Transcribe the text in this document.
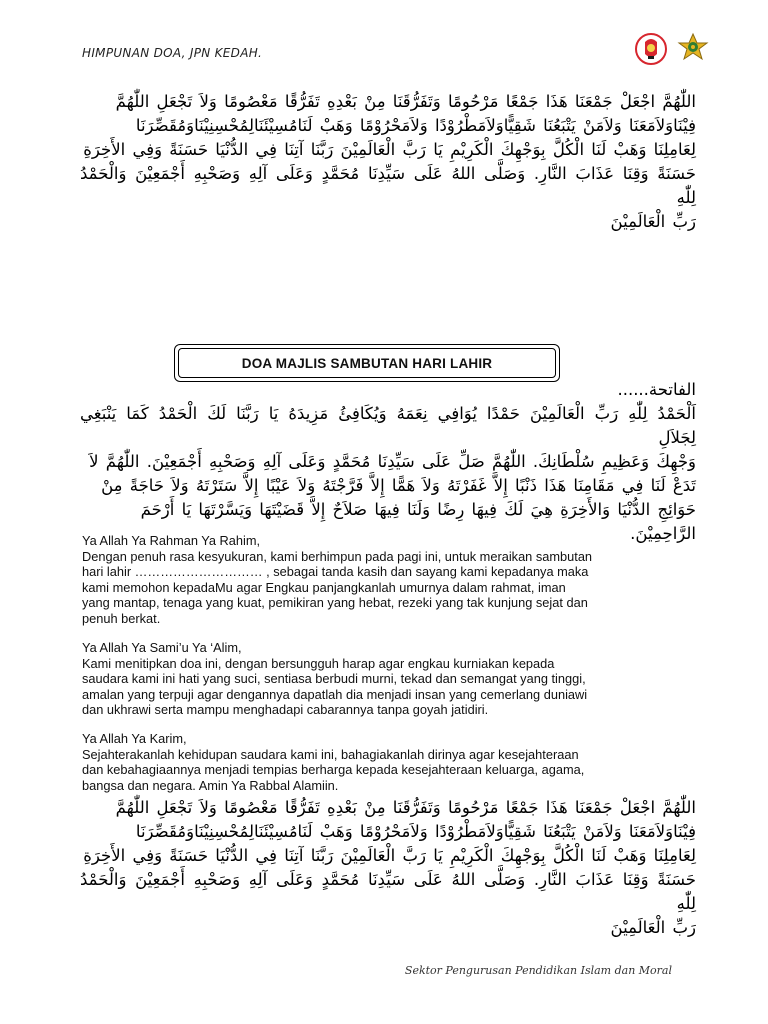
HIMPUNAN DOA, JPN KEDAH.
اللّٰهُمَّ اجْعَلْ جَمْعَنَا هَذَا جَمْعًا مَرْحُومًا وَتَفَرُّقَنَا مِنْ بَعْدِهِ تَفَرُّقًا مَعْصُومًا وَلاَ تَجْعَلِ اللّٰهُمَّ
فِيْنَاوَلاَمَعَنَا وَلاَمَنْ يَتْبَعُنَا شَقِيًّاوَلاَمَطْرُوْدًا وَلاَمَحْرُوْمًا وَهَبْ لَنَامُسِيْئَنَالِمُحْسِنِيْنَاوَمُقَصِّرَنَا
لِعَامِلِنَا وَهَبْ لَنَا الْكُلَّ بِوَجْهِكَ الْكَرِيْمِ يَا رَبَّ الْعَالَمِيْنَ رَبَّنَا آتِنَا فِي الدُّنْيَا حَسَنَةً وَفِي الأَخِرَةِ
حَسَنَةً وَقِنَا عَذَابَ النَّارِ. وَصَلَّى اللهُ عَلَى سَيِّدِنَا مُحَمَّدٍ وَعَلَى آلِهِ وَصَحْبِهِ أَجْمَعِيْنَ وَالْحَمْدُ لِلّٰهِ
رَبِّ الْعَالَمِيْنَ
DOA MAJLIS SAMBUTAN HARI LAHIR
الفاتحة......
اَلْحَمْدُ لِلّٰهِ رَبِّ الْعَالَمِيْنَ حَمْدًا يُوَافِي نِعَمَهُ وَيُكَافِئُ مَزِيدَهُ يَا رَبَّنَا لَكَ الْحَمْدُ كَمَا يَنْبَغِي لِجَلاَلِ
وَجْهِكَ وَعَظِيمِ سُلْطَانِكَ. اللّٰهُمَّ صَلِّ عَلَى سَيِّدِنَا مُحَمَّدٍ وَعَلَى آلِهِ وَصَحْبِهِ أَجْمَعِيْنَ. اللّٰهُمَّ لاَ
تَدَعْ لَنَا فِي مَقَامِنَا هَذَا ذَنْبًا إِلاَّ غَفَرْتَهُ وَلاَ هَمًّا إِلاَّ فَرَّجْتَهُ وَلاَ عَيْبًا إِلاَّ سَتَرْتَهُ وَلاَ حَاجَةً مِنْ
حَوَائِجِ الدُّنْيَا وَالأَخِرَةِ هِيَ لَكَ فِيهَا رِضًا وَلَنَا فِيهَا صَلاَحٌ إِلاَّ قَضَيْتَهَا وَيَسَّرْتَهَا يَا أَرْحَمَ
الرَّاحِمِيْنَ.

Ya Allah Ya Rahman Ya Rahim,

Dengan penuh rasa kesyukuran, kami berhimpun pada pagi ini, untuk meraikan sambutan

hari lahir ………………………… , sebagai tanda kasih dan sayang kami kepadanya maka

kami memohon kepadaMu agar Engkau panjangkanlah umurnya dalam rahmat, iman

yang mantap, tenaga yang kuat, pemikiran yang hebat, rezeki yang tak kunjung sejat dan

penuh berkat.

Ya Allah Ya Sami’u Ya ‘Alim,

Kami menitipkan doa ini, dengan bersungguh harap agar engkau kurniakan kepada

saudara kami ini hati yang suci, sentiasa berbudi murni, tekad dan semangat yang tinggi,

amalan yang terpuji agar dengannya dapatlah dia menjadi insan yang cemerlang duniawi

dan ukhrawi serta mampu menghadapi cabarannya tanpa goyah jatidiri.

Ya Allah Ya Karim,

Sejahterakanlah kehidupan saudara kami ini, bahagiakanlah dirinya agar kesejahteraan

dan kebahagiaannya menjadi tempias berharga kepada kesejahteraan keluarga, agama,

bangsa dan negara. Amin Ya Rabbal Alamiin.

اللّٰهُمَّ اجْعَلْ جَمْعَنَا هَذَا جَمْعًا مَرْحُومًا وَتَفَرُّقَنَا مِنْ بَعْدِهِ تَفَرُّقًا مَعْصُومًا وَلاَ تَجْعَلِ اللّٰهُمَّ
فِيْنَاوَلاَمَعَنَا وَلاَمَنْ يَتْبَعُنَا شَقِيًّاوَلاَمَطْرُوْدًا وَلاَمَحْرُوْمًا وَهَبْ لَنَامُسِيْئَنَالِمُحْسِنِيْنَاوَمُقَصِّرَنَا
لِعَامِلِنَا وَهَبْ لَنَا الْكُلَّ بِوَجْهِكَ الْكَرِيْمِ يَا رَبَّ الْعَالَمِيْنَ رَبَّنَا آتِنَا فِي الدُّنْيَا حَسَنَةً وَفِي الأَخِرَةِ
حَسَنَةً وَقِنَا عَذَابَ النَّارِ. وَصَلَّى اللهُ عَلَى سَيِّدِنَا مُحَمَّدٍ وَعَلَى آلِهِ وَصَحْبِهِ أَجْمَعِيْنَ وَالْحَمْدُ لِلّٰهِ
رَبِّ الْعَالَمِيْنَ
Sektor Pengurusan Pendidikan Islam dan Moral
